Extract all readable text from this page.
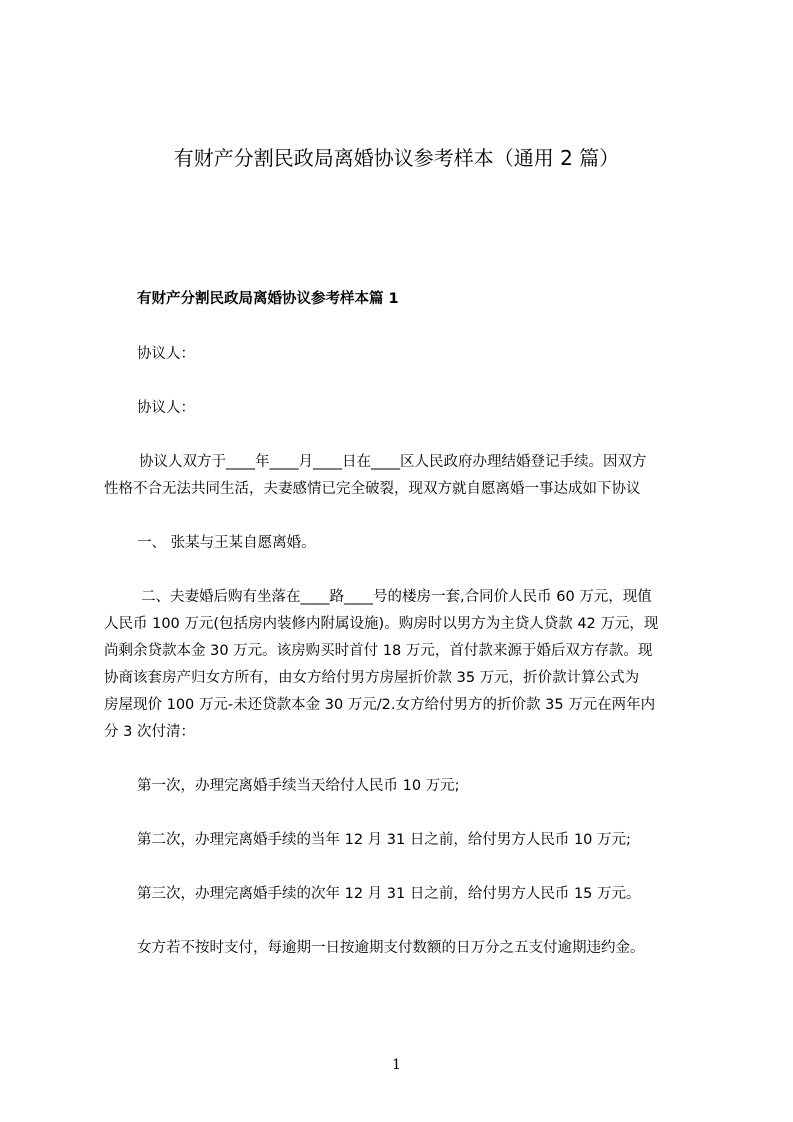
有财产分割民政局离婚协议参考样本（通用 2 篇）
有财产分割民政局离婚协议参考样本篇 1
协议人：
协议人：
协议人双方于____年____月____日在____区人民政府办理结婚登记手续。因双方
性格不合无法共同生活，夫妻感情已完全破裂，现双方就自愿离婚一事达成如下协议
一、 张某与王某自愿离婚。
二、夫妻婚后购有坐落在____路____号的楼房一套,合同价人民币 60 万元，现值
人民币 100 万元(包括房内装修内附属设施)。购房时以男方为主贷人贷款 42 万元，现
尚剩余贷款本金 30 万元。该房购买时首付 18 万元，首付款来源于婚后双方存款。现
协商该套房产归女方所有，由女方给付男方房屋折价款 35 万元，折价款计算公式为
房屋现价 100 万元-未还贷款本金 30 万元/2.女方给付男方的折价款 35 万元在两年内
分 3 次付清：
第一次，办理完离婚手续当天给付人民币 10 万元;
第二次，办理完离婚手续的当年 12 月 31 日之前，给付男方人民币 10 万元;
第三次，办理完离婚手续的次年 12 月 31 日之前，给付男方人民币 15 万元。
女方若不按时支付，每逾期一日按逾期支付数额的日万分之五支付逾期违约金。
1
